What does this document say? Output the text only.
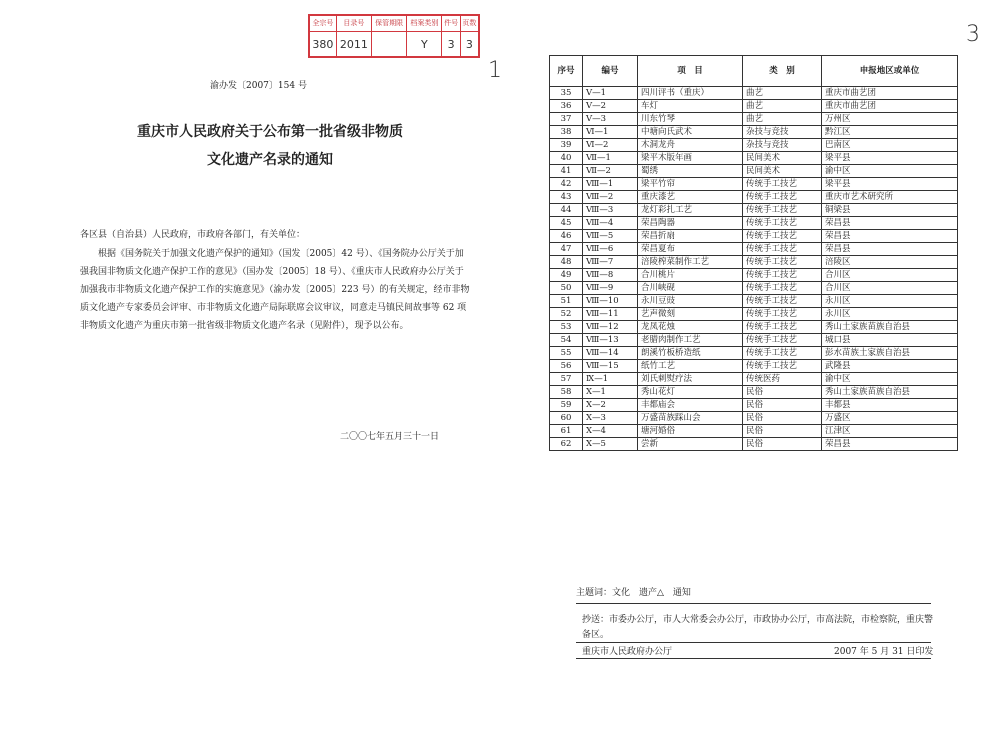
全宗号	目录号	保管期限	档案类别	件号	页数
380	2011		Y	3	3
1
3
渝办发〔2007〕154 号
重庆市人民政府关于公布第一批省级非物质
文化遗产名录的通知
各区县（自治县）人民政府，市政府各部门，有关单位：

根据《国务院关于加强文化遗产保护的通知》（国发〔2005〕42 号）、《国务院办公厅关于加强我国非物质文化遗产保护工作的意见》（国办发〔2005〕18 号）、《重庆市人民政府办公厅关于加强我市非物质文化遗产保护工作的实施意见》（渝办发〔2005〕223 号）的有关规定，经市非物质文化遗产专家委员会评审、市非物质文化遗产局际联席会议审议，同意走马镇民间故事等 62 项非物质文化遗产为重庆市第一批省级非物质文化遗产名录（见附件），现予以公布。

二〇〇七年五月三十一日
序号	编号	项　目	类　别	申报地区或单位
35	Ⅴ—1	四川评书（重庆）	曲艺	重庆市曲艺团
36	Ⅴ—2	车灯	曲艺	重庆市曲艺团
37	Ⅴ—3	川东竹琴	曲艺	万州区
38	Ⅵ—1	中塘向氏武术	杂技与竞技	黔江区
39	Ⅵ—2	木洞龙舟	杂技与竞技	巴南区
40	Ⅶ—1	梁平木版年画	民间美术	梁平县
41	Ⅶ—2	蜀绣	民间美术	渝中区
42	Ⅷ—1	梁平竹帘	传统手工技艺	梁平县
43	Ⅷ—2	重庆漆艺	传统手工技艺	重庆市艺术研究所
44	Ⅷ—3	龙灯彩扎工艺	传统手工技艺	铜梁县
45	Ⅷ—4	荣昌陶器	传统手工技艺	荣昌县
46	Ⅷ—5	荣昌折扇	传统手工技艺	荣昌县
47	Ⅷ—6	荣昌夏布	传统手工技艺	荣昌县
48	Ⅷ—7	涪陵榨菜制作工艺	传统手工技艺	涪陵区
49	Ⅷ—8	合川桃片	传统手工技艺	合川区
50	Ⅷ—9	合川峡砚	传统手工技艺	合川区
51	Ⅷ—10	永川豆豉	传统手工技艺	永川区
52	Ⅷ—11	艺声微刻	传统手工技艺	永川区
53	Ⅷ—12	龙凤花烛	传统手工技艺	秀山土家族苗族自治县
54	Ⅷ—13	老腊肉制作工艺	传统手工技艺	城口县
55	Ⅷ—14	朗溪竹板桥造纸	传统手工技艺	彭水苗族土家族自治县
56	Ⅷ—15	纸竹工艺	传统手工技艺	武隆县
57	Ⅸ—1	刘氏刺熨疗法	传统医药	渝中区
58	Ⅹ—1	秀山花灯	民俗	秀山土家族苗族自治县
59	Ⅹ—2	丰都庙会	民俗	丰都县
60	Ⅹ—3	万盛苗族踩山会	民俗	万盛区
61	Ⅹ—4	塘河婚俗	民俗	江津区
62	Ⅹ—5	尝新	民俗	荣昌县
主题词：文化　遗产△　通知
抄送：市委办公厅，市人大常委会办公厅，市政协办公厅，市高法院，市检察院，重庆警备区。
重庆市人民政府办公厅	2007 年 5 月 31 日印发
